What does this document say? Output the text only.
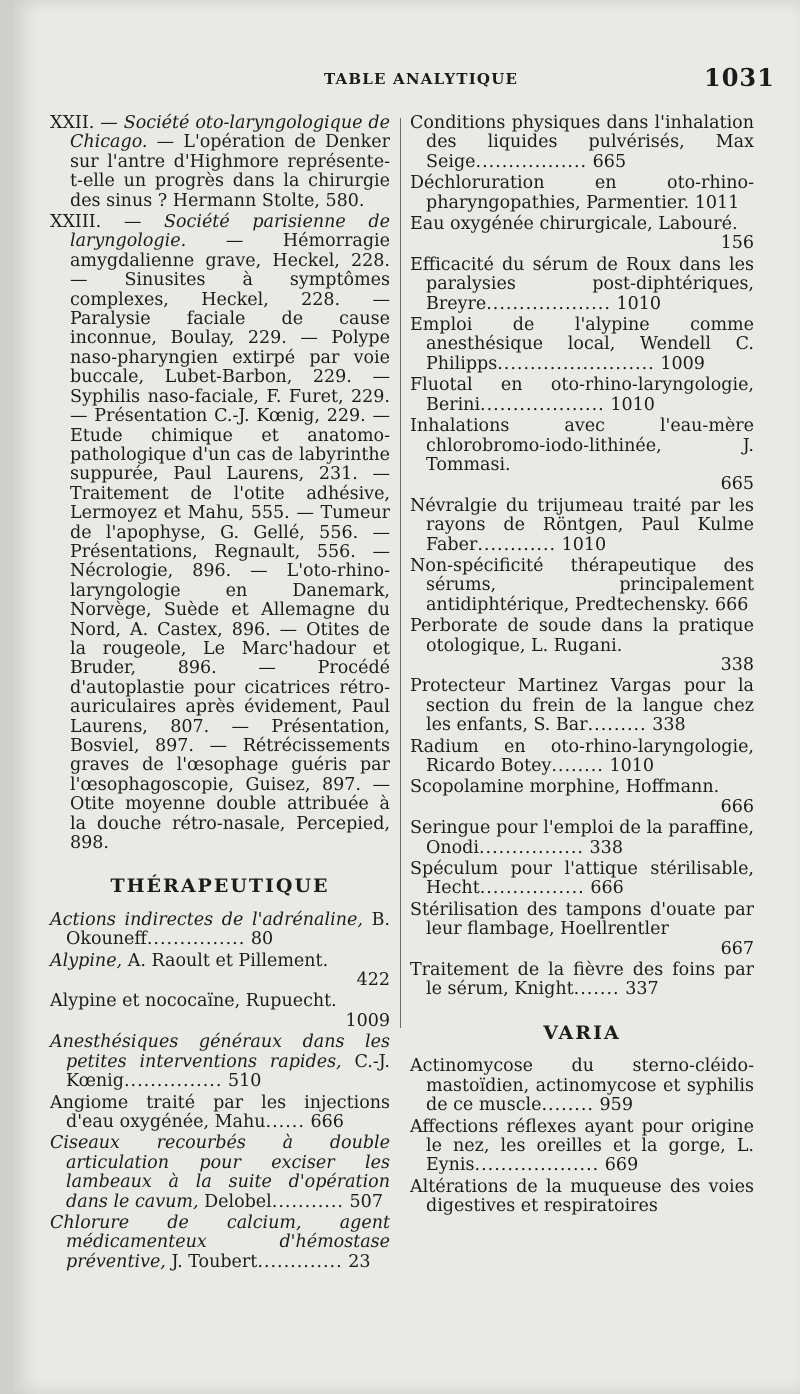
TABLE ANALYTIQUE	1031

XXII. — Société oto-laryngologique de Chicago. — L'opération de Denker sur l'antre d'Highmore représente-t-elle un progrès dans la chirurgie des sinus ? Hermann Stolte, 580.

XXIII. — Société parisienne de laryngologie. — Hémorragie amygdalienne grave, Heckel, 228. — Sinusites à symptômes complexes, Heckel, 228. — Paralysie faciale de cause inconnue, Boulay, 229. — Polype naso-pharyngien extirpé par voie buccale, Lubet-Barbon, 229. — Syphilis naso-faciale, F. Furet, 229. — Présentation C.-J. Kœnig, 229. — Etude chimique et anatomo-pathologique d'un cas de labyrinthe suppurée, Paul Laurens, 231. — Traitement de l'otite adhésive, Lermoyez et Mahu, 555. — Tumeur de l'apophyse, G. Gellé, 556. — Présentations, Regnault, 556. — Nécrologie, 896. — L'oto-rhino-laryngologie en Danemark, Norvège, Suède et Allemagne du Nord, A. Castex, 896. — Otites de la rougeole, Le Marc'hadour et Bruder, 896. — Procédé d'autoplastie pour cicatrices rétro-auriculaires après évidement, Paul Laurens, 807. — Présentation, Bosviel, 897. — Rétrécissements graves de l'œsophage guéris par l'œsophagoscopie, Guisez, 897. — Otite moyenne double attribuée à la douche rétro-nasale, Percepied, 898.

THÉRAPEUTIQUE

Actions indirectes de l'adrénaline, B. Okouneff............... 80

Alypine, A. Raoult et Pillement.
422

Alypine et nococaïne, Rupuecht.
1009

Anesthésiques généraux dans les petites interventions rapides, C.-J. Kœnig............... 510

Angiome traité par les injections d'eau oxygénée, Mahu...... 666

Ciseaux recourbés à double articulation pour exciser les lambeaux à la suite d'opération dans le cavum, Delobel........... 507

Chlorure de calcium, agent médicamenteux d'hémostase préventive, J. Toubert............. 23

Conditions physiques dans l'inhalation des liquides pulvérisés, Max Seige................. 665

Déchloruration en oto-rhino-pharyngopathies, Parmentier. 1011

Eau oxygénée chirurgicale, Labouré.
156

Efficacité du sérum de Roux dans les paralysies post-diphtériques, Breyre................... 1010

Emploi de l'alypine comme anesthésique local, Wendell C. Philipps........................ 1009

Fluotal en oto-rhino-laryngologie, Berini................... 1010

Inhalations avec l'eau-mère chlorobromo-iodo-lithinée, J. Tommasi.
665

Névralgie du trijumeau traité par les rayons de Röntgen, Paul Kulme Faber............ 1010

Non-spécificité thérapeutique des sérums, principalement antidiphtérique, Predtechensky. 666

Perborate de soude dans la pratique otologique, L. Rugani.
338

Protecteur Martinez Vargas pour la section du frein de la langue chez les enfants, S. Bar......... 338

Radium en oto-rhino-laryngologie, Ricardo Botey........ 1010

Scopolamine morphine, Hoffmann.
666

Seringue pour l'emploi de la paraffine, Onodi................ 338

Spéculum pour l'attique stérilisable, Hecht................ 666

Stérilisation des tampons d'ouate par leur flambage, Hoellrentler
667

Traitement de la fièvre des foins par le sérum, Knight....... 337

VARIA

Actinomycose du sterno-cléido-mastoïdien, actinomycose et syphilis de ce muscle........ 959

Affections réflexes ayant pour origine le nez, les oreilles et la gorge, L. Eynis................... 669

Altérations de la muqueuse des voies digestives et respiratoires
